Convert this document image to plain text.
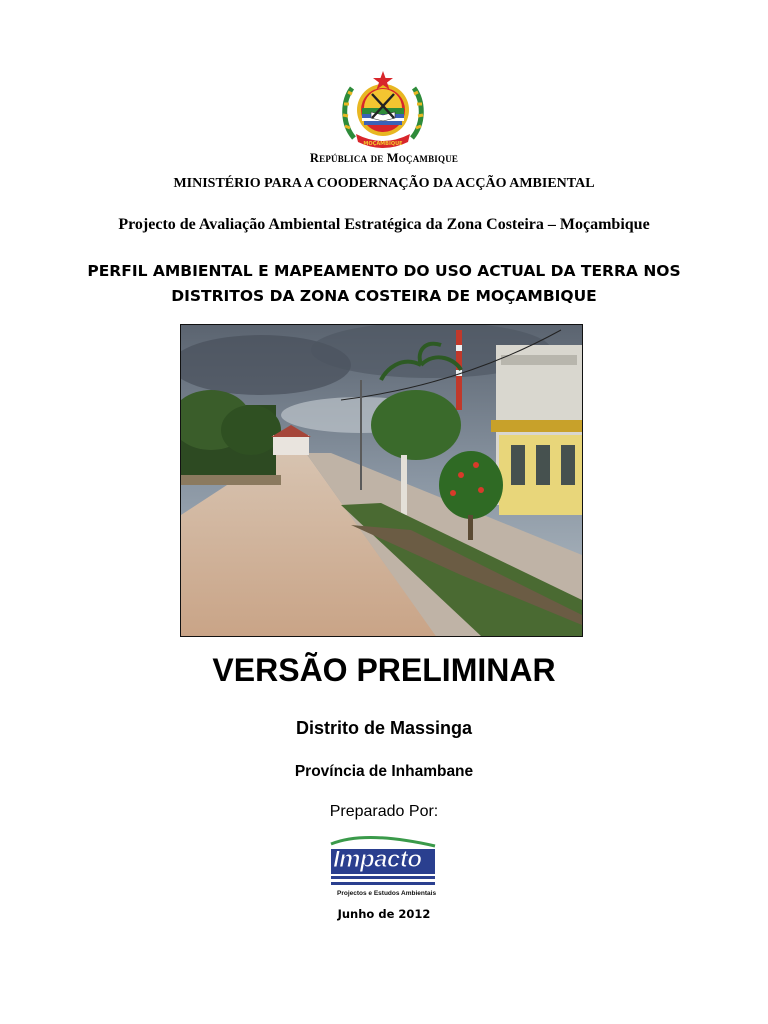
MOÇAMBIQUE
República de Moçambique
MINISTÉRIO PARA A COODERNAÇÃO DA ACÇÃO AMBIENTAL
Projecto de Avaliação Ambiental Estratégica da Zona Costeira – Moçambique
PERFIL AMBIENTAL E MAPEAMENTO DO USO ACTUAL DA TERRA NOS
DISTRITOS DA ZONA COSTEIRA DE MOÇAMBIQUE
VERSÃO PRELIMINAR
Distrito de Massinga
Província de Inhambane
Preparado Por:
Impacto
Projectos e Estudos Ambientais
Junho de 2012
